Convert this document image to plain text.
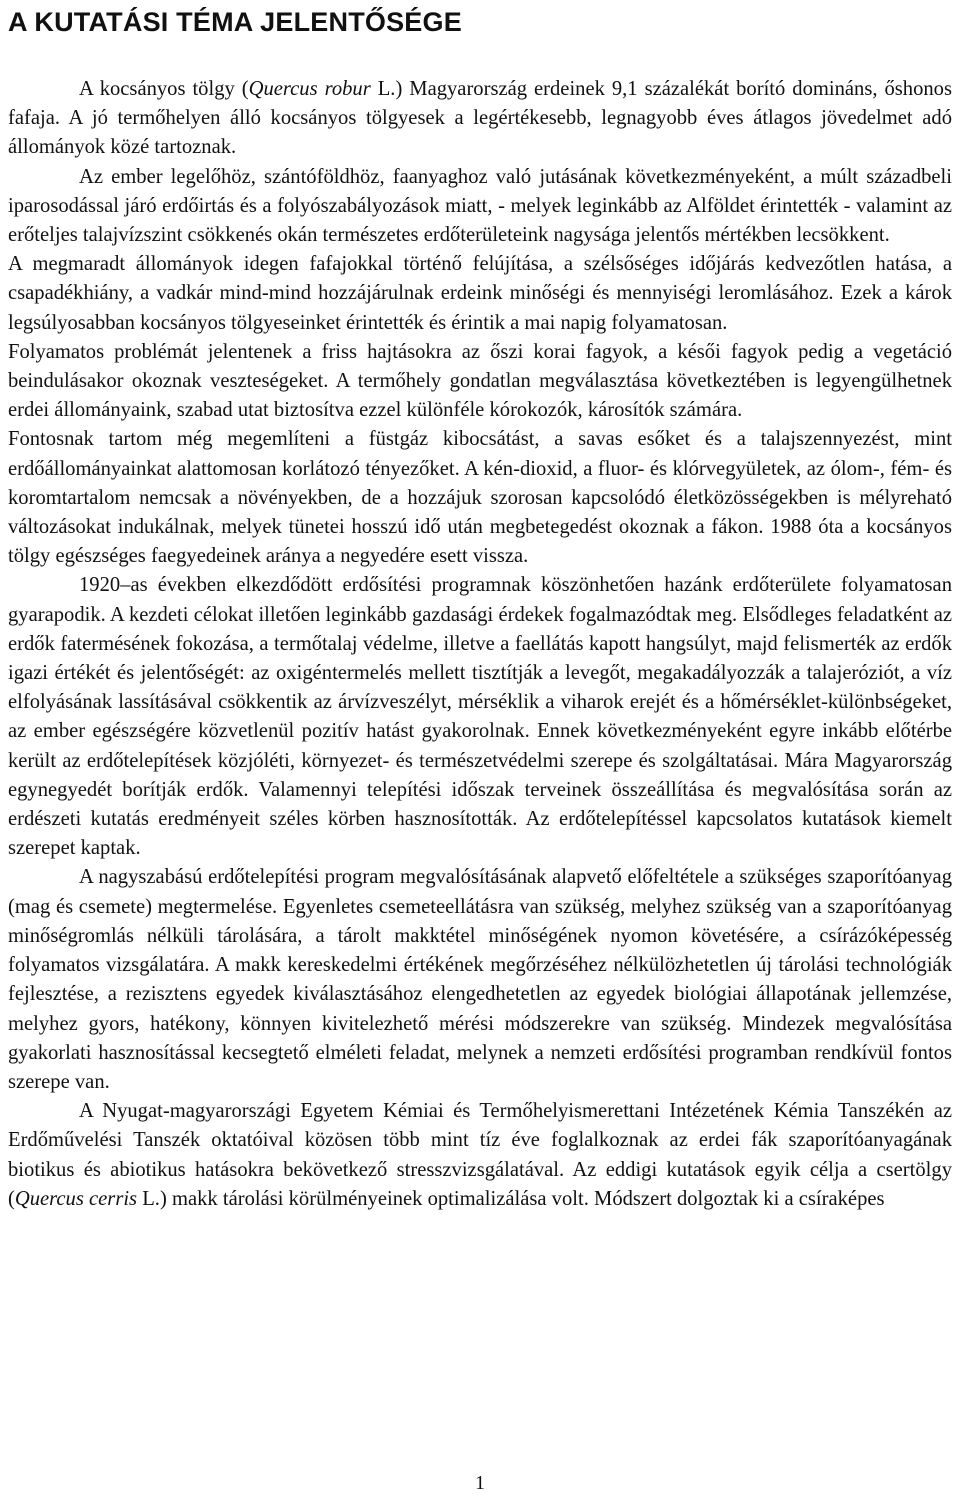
A KUTATÁSI TÉMA JELENTŐSÉGE

A kocsányos tölgy (Quercus robur L.) Magyarország erdeinek 9,1 százalékát borító domináns, őshonos fafaja. A jó termőhelyen álló kocsányos tölgyesek a legértékesebb, legnagyobb éves átlagos jövedelmet adó állományok közé tartoznak.

Az ember legelőhöz, szántóföldhöz, faanyaghoz való jutásának következményeként, a múlt századbeli iparosodással járó erdőirtás és a folyószabályozások miatt, - melyek leginkább az Alföldet érintették - valamint az erőteljes talajvízszint csökkenés okán természetes erdőterületeink nagysága jelentős mértékben lecsökkent.

A megmaradt állományok idegen fafajokkal történő felújítása, a szélsőséges időjárás kedvezőtlen hatása, a csapadékhiány, a vadkár mind-mind hozzájárulnak erdeink minőségi és mennyiségi leromlásához. Ezek a károk legsúlyosabban kocsányos tölgyeseinket érintették és érintik a mai napig folyamatosan.

Folyamatos problémát jelentenek a friss hajtásokra az őszi korai fagyok, a késői fagyok pedig a vegetáció beindulásakor okoznak veszteségeket. A termőhely gondatlan megválasztása következtében is legyengülhetnek erdei állományaink, szabad utat biztosítva ezzel különféle kórokozók, károsítók számára.

Fontosnak tartom még megemlíteni a füstgáz kibocsátást, a savas esőket és a talajszennyezést, mint erdőállományainkat alattomosan korlátozó tényezőket. A kén-dioxid, a fluor- és klórvegyületek, az ólom-, fém- és koromtartalom nemcsak a növényekben, de a hozzájuk szorosan kapcsolódó életközösségekben is mélyreható változásokat indukálnak, melyek tünetei hosszú idő után megbetegedést okoznak a fákon. 1988 óta a kocsányos tölgy egészséges faegyedeinek aránya a negyedére esett vissza.

1920–as években elkezdődött erdősítési programnak köszönhetően hazánk erdőterülete folyamatosan gyarapodik. A kezdeti célokat illetően leginkább gazdasági érdekek fogalmazódtak meg. Elsődleges feladatként az erdők fatermésének fokozása, a termőtalaj védelme, illetve a faellátás kapott hangsúlyt, majd felismerték az erdők igazi értékét és jelentőségét: az oxigéntermelés mellett tisztítják a levegőt, megakadályozzák a talajeróziót, a víz elfolyásának lassításával csökkentik az árvízveszélyt, mérséklik a viharok erejét és a hőmérséklet-különbségeket, az ember egészségére közvetlenül pozitív hatást gyakorolnak. Ennek következményeként egyre inkább előtérbe került az erdőtelepítések közjóléti, környezet- és természetvédelmi szerepe és szolgáltatásai. Mára Magyarország egynegyedét borítják erdők. Valamennyi telepítési időszak terveinek összeállítása és megvalósítása során az erdészeti kutatás eredményeit széles körben hasznosították. Az erdőtelepítéssel kapcsolatos kutatások kiemelt szerepet kaptak.

A nagyszabású erdőtelepítési program megvalósításának alapvető előfeltétele a szükséges szaporítóanyag (mag és csemete) megtermelése. Egyenletes csemeteellátásra van szükség, melyhez szükség van a szaporítóanyag minőségromlás nélküli tárolására, a tárolt makktétel minőségének nyomon követésére, a csírázóképesség folyamatos vizsgálatára. A makk kereskedelmi értékének megőrzéséhez nélkülözhetetlen új tárolási technológiák fejlesztése, a rezisztens egyedek kiválasztásához elengedhetetlen az egyedek biológiai állapotának jellemzése, melyhez gyors, hatékony, könnyen kivitelezhető mérési módszerekre van szükség. Mindezek megvalósítása gyakorlati hasznosítással kecsegtető elméleti feladat, melynek a nemzeti erdősítési programban rendkívül fontos szerepe van.

A Nyugat-magyarországi Egyetem Kémiai és Termőhelyismerettani Intézetének Kémia Tanszékén az Erdőművelési Tanszék oktatóival közösen több mint tíz éve foglalkoznak az erdei fák szaporítóanyagának biotikus és abiotikus hatásokra bekövetkező stresszvizsgálatával. Az eddigi kutatások egyik célja a csertölgy (Quercus cerris L.) makk tárolási körülményeinek optimalizálása volt. Módszert dolgoztak ki a csíraképes

1
